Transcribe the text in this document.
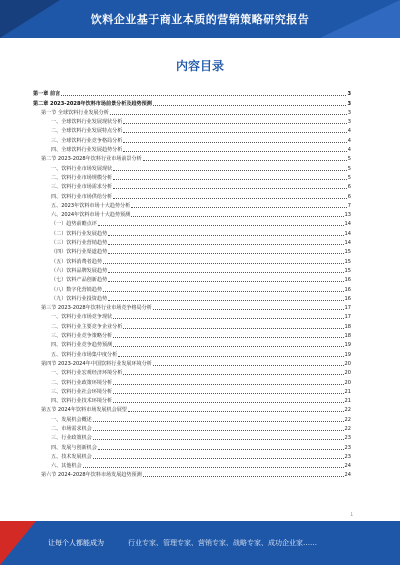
饮料企业基于商业本质的营销策略研究报告
内容目录
第一章 前言	3
第二章 2023-2028年饮料市场前景分析及趋势预测	3
第一节 全球饮料行业发展分析	3
一、全球饮料行业发展现状分析	3
二、全球饮料行业发展特点分析	4
三、全球饮料行业竞争格局分析	4
四、全球饮料行业发展趋势分析	4
第二节 2023-2028年饮料行业市场前景分析	5
一、饮料行业市场发展现状	5
二、饮料行业市场规模分析	5
三、饮料行业市场需求分析	6
四、饮料行业市场供给分析	6
五、2023年饮料市场十大趋势分析	7
六、2024年饮料市场十大趋势预测	13
（一）趋势前瞻点评	14
（二）饮料行业发展趋势	14
（三）饮料行业营销趋势	14
（四）饮料行业渠道趋势	15
（五）饮料消费者趋势	15
（六）饮料品牌发展趋势	15
（七）饮料产品创新趋势	16
（八）数字化营销趋势	16
（九）饮料行业投资趋势	16
第三节 2023-2028年饮料行业市场竞争格局分析	17
一、饮料行业市场竞争现状	17
二、饮料行业主要竞争企业分析	18
三、饮料行业竞争策略分析	18
四、饮料行业竞争趋势预测	19
五、饮料行业市场集中度分析	19
第四节 2023-2024年中国饮料行业发展环境分析	20
一、饮料行业宏观经济环境分析	20
二、饮料行业政策环境分析	20
三、饮料行业社会环境分析	21
四、饮料行业技术环境分析	21
第五节 2024年饮料市场发展机会展望	22
一、发展机会概述	22
二、市场需求机会	22
三、行业政策机会	23
四、发展与创新机会	23
五、技术发展机会	23
六、其他机会	24
第六节 2024-2028年饮料市场发展趋势预测	24
1
让每个人都能成为	行业专家、管理专家、营销专家、战略专家、成功企业家……
